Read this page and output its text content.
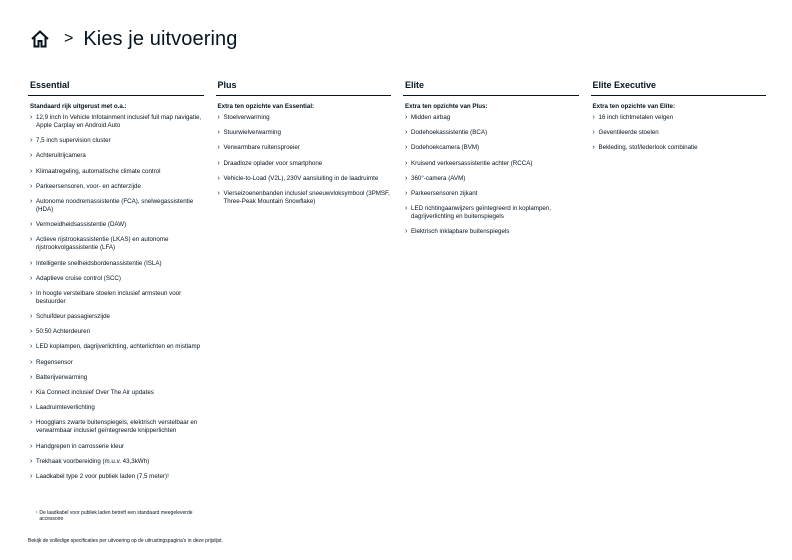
> Kies je uitvoering
Essential
Standaard rijk uitgerust met o.a.:
› 12,9 inch In Vehicle Infotainment inclusief full map navigatie, Apple Carplay en Android Auto
› 7,5 inch supervision cluster
› Achteruitrijcamera
› Klimaatregeling, automatische climate control
› Parkeersensoren, voor- en achterzijde
› Autonome noodremassistentie (FCA), snelwegassistentie (HDA)
› Vermoeidheidsassistentie (DAW)
› Actieve rijstrookassistentie (LKAS) en autonome rijstrookvolgassistentie (LFA)
› Intelligente snelheidsbordenassistentie (ISLA)
› Adaptieve cruise control (SCC)
› In hoogte verstelbare stoelen inclusief armsteun voor bestuurder
› Schuifdeur passagierszijde
› 50:50 Achterdeuren
› LED koplampen, dagrijverlichting, achterlichten en mistlamp
› Regensensor
› Batterijverwarming
› Kia Connect inclusief Over The Air updates
› Laadruimteverlichting
› Hoogglans zwarte buitenspiegels, elektrisch verstelbaar en verwarmbaar inclusief geïntegreerde knipperlichten
› Handgrepen in carrosserie kleur
› Trekhaak voorbereiding (m.u.v. 43,3kWh)
› Laadkabel type 2 voor publiek laden (7,5 meter)¹
Plus
Extra ten opzichte van Essential:
› Stoelverwarming
› Stuurwielverwarming
› Verwarmbare ruitensproeier
› Draadloze oplader voor smartphone
› Vehicle-to-Load (V2L), 230V aansluiting in de laadruimte
› Vierseizoenenbanden inclusief sneeuwvloksymbool (3PMSF, Three-Peak Mountain Snowflake)
Elite
Extra ten opzichte van Plus:
› Midden airbag
› Dodehoekassistentie (BCA)
› Dodehoekcamera (BVM)
› Kruisend verkeersassistentie achter (RCCA)
› 360°-camera (AVM)
› Parkeersensoren zijkant
› LED richtingaanwijzers geïntegreerd in koplampen, dagrijverlichting en buitenspiegels
› Elektrisch inklapbare buitenspiegels
Elite Executive
Extra ten opzichte van Elite:
› 16 inch lichtmetalen velgen
› Geventileerde stoelen
› Bekleding, stof/lederlook combinatie
¹ De laadkabel voor publiek laden betreft een standaard meegeleverde accessoire
Bekijk de volledige specificaties per uitvoering op de uitrustingspagina's in deze prijslijst.
